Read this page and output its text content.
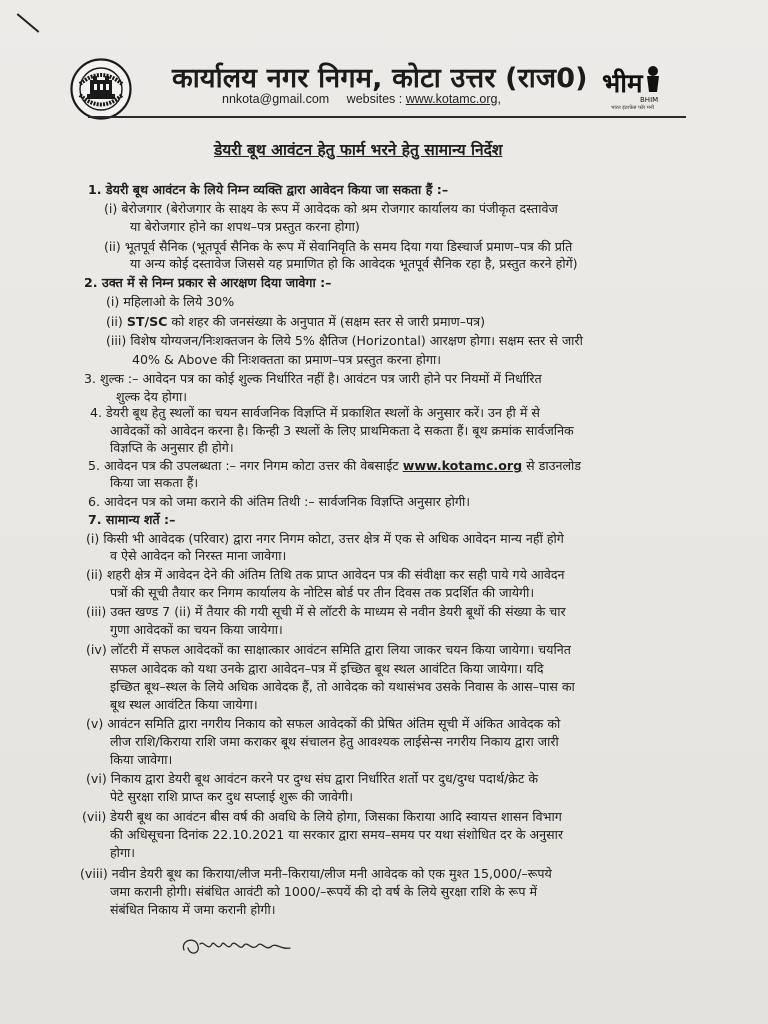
कार्यालय नगर निगम, कोटा उत्तर (राज0)
nnkota@gmail.com websites : www.kotamc.org,	भीम
BHIM
भारत इंटरफ़ेस फॉर मनी
डेयरी बूथ आवंटन हेतु फार्म भरने हेतु सामान्य निर्देश
1. डेयरी बूथ आवंटन के लिये निम्न व्यक्ति द्वारा आवेदन किया जा सकता हैं :–
(i) बेरोजगार (बेरोजगार के साक्ष्य के रूप में आवेदक को श्रम रोजगार कार्यालय का पंजीकृत दस्तावेज
या बेरोजगार होने का शपथ–पत्र प्रस्तुत करना होगा)
(ii) भूतपूर्व सैनिक (भूतपूर्व सैनिक के रूप में सेवानिवृति के समय दिया गया डिस्चार्ज प्रमाण–पत्र की प्रति
या अन्य कोई दस्तावेज जिससे यह प्रमाणित हो कि आवेदक भूतपूर्व सैनिक रहा है, प्रस्तुत करने होगें)
2. उक्त में से निम्न प्रकार से आरक्षण दिया जावेगा :–
(i) महिलाओ के लिये 30%
(ii) ST/SC को शहर की जनसंख्या के अनुपात में (सक्षम स्तर से जारी प्रमाण–पत्र)
(iii) विशेष योग्यजन/निःशक्तजन के लिये 5% क्षैतिज (Horizontal) आरक्षण होगा। सक्षम स्तर से जारी
40% & Above की निःशक्तता का प्रमाण–पत्र प्रस्तुत करना होगा।
3. शुल्क :– आवेदन पत्र का कोई शुल्क निर्धारित नहीं है। आवंटन पत्र जारी होने पर नियमों में निर्धारित
शुल्क देय होगा।
4. डेयरी बूथ हेतु स्थलों का चयन सार्वजनिक विज्ञप्ति में प्रकाशित स्थलों के अनुसार करें। उन ही में से
आवेदकों को आवेदन करना है। किन्ही 3 स्थलों के लिए प्राथमिकता दे सकता हैं। बूथ क्रमांक सार्वजनिक
विज्ञप्ति के अनुसार ही होगे।
5. आवेदन पत्र की उपलब्धता :– नगर निगम कोटा उत्तर की वेबसाईट www.kotamc.org से डाउनलोड
किया जा सकता हैं।
6. आवेदन पत्र को जमा कराने की अंतिम तिथी :– सार्वजनिक विज्ञप्ति अनुसार होगी।
7. सामान्य शर्ते :–
(i) किसी भी आवेदक (परिवार) द्वारा नगर निगम कोटा, उत्तर क्षेत्र में एक से अधिक आवेदन मान्य नहीं होगे
व ऐसे आवेदन को निरस्त माना जावेगा।
(ii) शहरी क्षेत्र में आवेदन देने की अंतिम तिथि तक प्राप्त आवेदन पत्र की संवीक्षा कर सही पाये गये आवेदन
पत्रों की सूची तैयार कर निगम कार्यालय के नोटिस बोर्ड पर तीन दिवस तक प्रदर्शित की जायेगी।
(iii) उक्त खण्ड 7 (ii) में तैयार की गयी सूची में से लॉटरी के माध्यम से नवीन डेयरी बूथों की संख्या के चार
गुणा आवेदकों का चयन किया जायेगा।
(iv) लॉटरी में सफल आवेदकों का साक्षात्कार आवंटन समिति द्वारा लिया जाकर चयन किया जायेगा। चयनित
सफल आवेदक को यथा उनके द्वारा आवेदन–पत्र में इच्छित बूथ स्थल आवंटित किया जायेगा। यदि
इच्छित बूथ–स्थल के लिये अधिक आवेदक हैं, तो आवेदक को यथासंभव उसके निवास के आस–पास का
बूथ स्थल आवंटित किया जायेगा।
(v) आवंटन समिति द्वारा नगरीय निकाय को सफल आवेदकों की प्रेषित अंतिम सूची में अंकित आवेदक को
लीज राशि/किराया राशि जमा कराकर बूथ संचालन हेतु आवश्यक लाईसेन्स नगरीय निकाय द्वारा जारी
किया जावेगा।
(vi) निकाय द्वारा डेयरी बूथ आवंटन करने पर दुग्ध संघ द्वारा निर्धारित शर्तो पर दुध/दुग्ध पदार्थ/क्रेट के
पेटे सुरक्षा राशि प्राप्त कर दुध सप्लाई शुरू की जावेगी।
(vii) डेयरी बूथ का आवंटन बीस वर्ष की अवधि के लिये होगा, जिसका किराया आदि स्वायत्त शासन विभाग
की अधिसूचना दिनांक 22.10.2021 या सरकार द्वारा समय–समय पर यथा संशोधित दर के अनुसार
होगा।
(viii) नवीन डेयरी बूथ का किराया/लीज मनी–किराया/लीज मनी आवेदक को एक मुश्त 15,000/–रूपये
जमा करानी होगी। संबंधित आवंटी को 1000/–रूपयें की दो वर्ष के लिये सुरक्षा राशि के रूप में
संबंधित निकाय में जमा करानी होगी।
